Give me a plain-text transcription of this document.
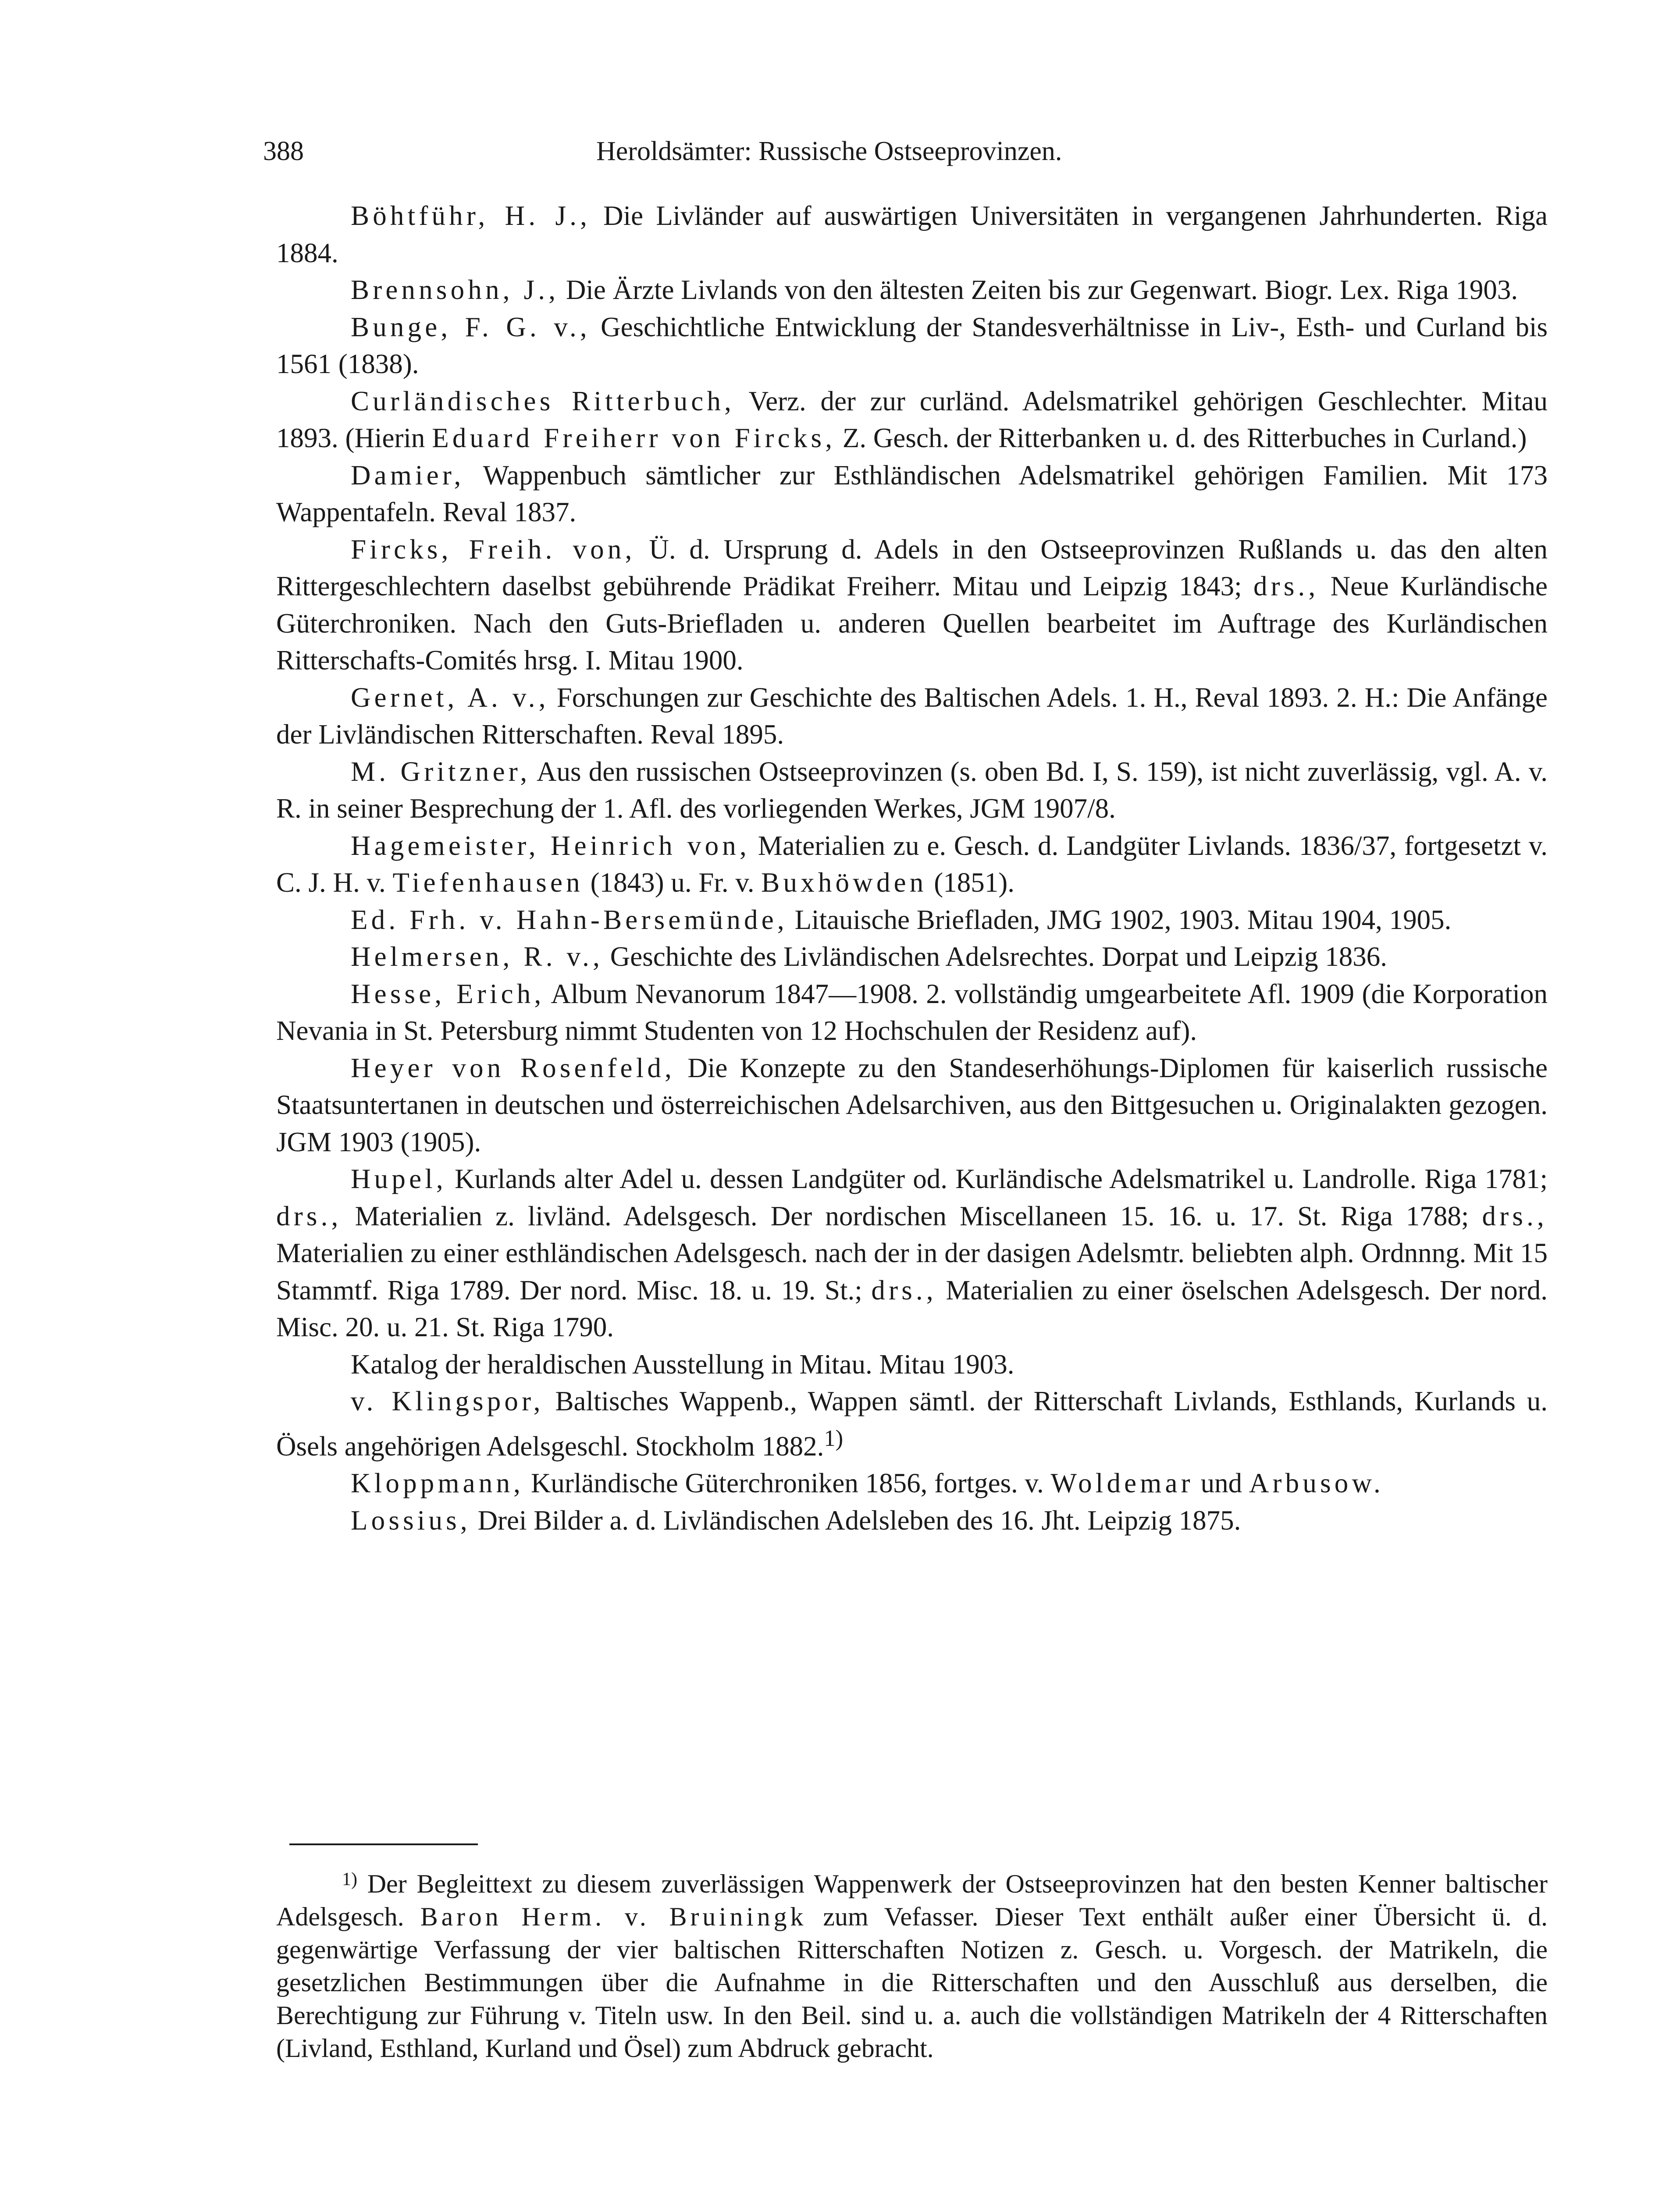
388	Heroldsämter: Russische Ostseeprovinzen.

Böhtführ, H. J., Die Livländer auf auswärtigen Universitäten in vergangenen Jahrhunderten. Riga 1884.

Brennsohn, J., Die Ärzte Livlands von den ältesten Zeiten bis zur Gegenwart. Biogr. Lex. Riga 1903.

Bunge, F. G. v., Geschichtliche Entwicklung der Standesverhältnisse in Liv-, Esth- und Curland bis 1561 (1838).

Curländisches Ritterbuch, Verz. der zur curländ. Adelsmatrikel gehörigen Geschlechter. Mitau 1893. (Hierin Eduard Freiherr von Fircks, Z. Gesch. der Ritterbanken u. d. des Ritterbuches in Curland.)

Damier, Wappenbuch sämtlicher zur Esthländischen Adelsmatrikel gehörigen Familien. Mit 173 Wappentafeln. Reval 1837.

Fircks, Freih. von, Ü. d. Ursprung d. Adels in den Ostseeprovinzen Rußlands u. das den alten Rittergeschlechtern daselbst gebührende Prädikat Freiherr. Mitau und Leipzig 1843; drs., Neue Kurländische Güterchroniken. Nach den Guts-Briefladen u. anderen Quellen bearbeitet im Auftrage des Kurländischen Ritterschafts-Comités hrsg. I. Mitau 1900.

Gernet, A. v., Forschungen zur Geschichte des Baltischen Adels. 1. H., Reval 1893. 2. H.: Die Anfänge der Livländischen Ritterschaften. Reval 1895.

M. Gritzner, Aus den russischen Ostseeprovinzen (s. oben Bd. I, S. 159), ist nicht zuverlässig, vgl. A. v. R. in seiner Besprechung der 1. Afl. des vorliegenden Werkes, JGM 1907/8.

Hagemeister, Heinrich von, Materialien zu e. Gesch. d. Landgüter Livlands. 1836/37, fortgesetzt v. C. J. H. v. Tiefenhausen (1843) u. Fr. v. Buxhöwden (1851).

Ed. Frh. v. Hahn-Bersemünde, Litauische Briefladen, JMG 1902, 1903. Mitau 1904, 1905.

Helmersen, R. v., Geschichte des Livländischen Adelsrechtes. Dorpat und Leipzig 1836.

Hesse, Erich, Album Nevanorum 1847—1908. 2. vollständig umgearbeitete Afl. 1909 (die Korporation Nevania in St. Petersburg nimmt Studenten von 12 Hochschulen der Residenz auf).

Heyer von Rosenfeld, Die Konzepte zu den Standeserhöhungs-Diplomen für kaiserlich russische Staatsuntertanen in deutschen und österreichischen Adelsarchiven, aus den Bittgesuchen u. Originalakten gezogen. JGM 1903 (1905).

Hupel, Kurlands alter Adel u. dessen Landgüter od. Kurländische Adelsmatrikel u. Landrolle. Riga 1781; drs., Materialien z. livländ. Adelsgesch. Der nordischen Miscellaneen 15. 16. u. 17. St. Riga 1788; drs., Materialien zu einer esthländischen Adelsgesch. nach der in der dasigen Adelsmtr. beliebten alph. Ordnnng. Mit 15 Stammtf. Riga 1789. Der nord. Misc. 18. u. 19. St.; drs., Materialien zu einer öselschen Adelsgesch. Der nord. Misc. 20. u. 21. St. Riga 1790.

Katalog der heraldischen Ausstellung in Mitau. Mitau 1903.

v. Klingspor, Baltisches Wappenb., Wappen sämtl. der Ritterschaft Livlands, Esthlands, Kurlands u. Ösels angehörigen Adelsgeschl. Stockholm 1882.$^{1)}$

Kloppmann, Kurländische Güterchroniken 1856, fortges. v. Woldemar und Arbusow.

Lossius, Drei Bilder a. d. Livländischen Adelsleben des 16. Jht. Leipzig 1875.

$^{1)}$ Der Begleittext zu diesem zuverlässigen Wappenwerk der Ostseeprovinzen hat den besten Kenner baltischer Adelsgesch. Baron Herm. v. Bruiningk zum Vefasser. Dieser Text enthält außer einer Übersicht ü. d. gegenwärtige Verfassung der vier baltischen Ritterschaften Notizen z. Gesch. u. Vorgesch. der Matrikeln, die gesetzlichen Bestimmungen über die Aufnahme in die Ritterschaften und den Ausschluß aus derselben, die Berechtigung zur Führung v. Titeln usw. In den Beil. sind u. a. auch die vollständigen Matrikeln der 4 Ritterschaften (Livland, Esthland, Kurland und Ösel) zum Abdruck gebracht.
